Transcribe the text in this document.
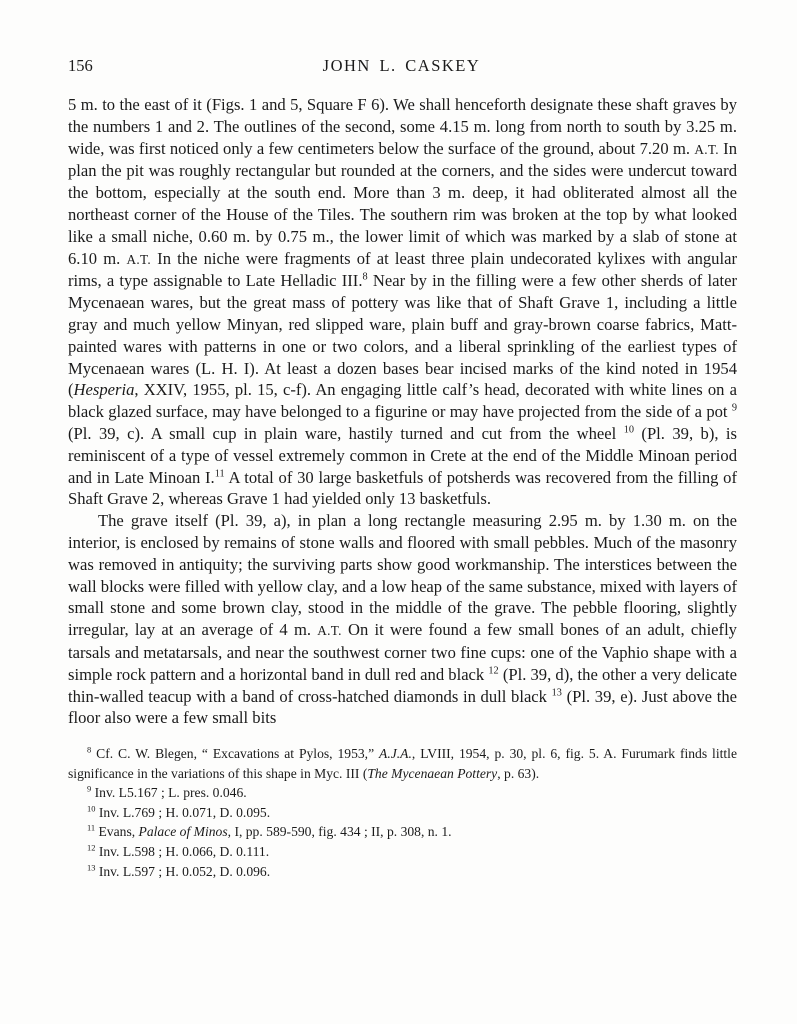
156	JOHN L. CASKEY

5 m. to the east of it (Figs. 1 and 5, Square F 6). We shall henceforth designate these shaft graves by the numbers 1 and 2. The outlines of the second, some 4.15 m. long from north to south by 3.25 m. wide, was first noticed only a few centimeters below the surface of the ground, about 7.20 m. A.T. In plan the pit was roughly rectangular but rounded at the corners, and the sides were undercut toward the bottom, especially at the south end. More than 3 m. deep, it had obliterated almost all the northeast corner of the House of the Tiles. The southern rim was broken at the top by what looked like a small niche, 0.60 m. by 0.75 m., the lower limit of which was marked by a slab of stone at 6.10 m. A.T. In the niche were fragments of at least three plain undecorated kylixes with angular rims, a type assignable to Late Helladic III.$^8$ Near by in the filling were a few other sherds of later Mycenaean wares, but the great mass of pottery was like that of Shaft Grave 1, including a little gray and much yellow Minyan, red slipped ware, plain buff and gray-brown coarse fabrics, Matt-painted wares with patterns in one or two colors, and a liberal sprinkling of the earliest types of Mycenaean wares (L. H. I). At least a dozen bases bear incised marks of the kind noted in 1954 (Hesperia, XXIV, 1955, pl. 15, c-f). An engaging little calf’s head, decorated with white lines on a black glazed surface, may have belonged to a figurine or may have projected from the side of a pot $^9$ (Pl. 39, c). A small cup in plain ware, hastily turned and cut from the wheel $^{10}$ (Pl. 39, b), is reminiscent of a type of vessel extremely common in Crete at the end of the Middle Minoan period and in Late Minoan I.$^{11}$ A total of 30 large basketfuls of potsherds was recovered from the filling of Shaft Grave 2, whereas Grave 1 had yielded only 13 basketfuls.

The grave itself (Pl. 39, a), in plan a long rectangle measuring 2.95 m. by 1.30 m. on the interior, is enclosed by remains of stone walls and floored with small pebbles. Much of the masonry was removed in antiquity; the surviving parts show good workmanship. The interstices between the wall blocks were filled with yellow clay, and a low heap of the same substance, mixed with layers of small stone and some brown clay, stood in the middle of the grave. The pebble flooring, slightly irregular, lay at an average of 4 m. A.T. On it were found a few small bones of an adult, chiefly tarsals and metatarsals, and near the southwest corner two fine cups: one of the Vaphio shape with a simple rock pattern and a horizontal band in dull red and black $^{12}$ (Pl. 39, d), the other a very delicate thin-walled teacup with a band of cross-hatched diamonds in dull black $^{13}$ (Pl. 39, e). Just above the floor also were a few small bits

$^8$ Cf. C. W. Blegen, “ Excavations at Pylos, 1953,” A.J.A., LVIII, 1954, p. 30, pl. 6, fig. 5. A. Furumark finds little significance in the variations of this shape in Myc. III (The Mycenaean Pottery, p. 63).

$^9$ Inv. L5.167 ; L. pres. 0.046.

$^{10}$ Inv. L.769 ; H. 0.071, D. 0.095.

$^{11}$ Evans, Palace of Minos, I, pp. 589-590, fig. 434 ; II, p. 308, n. 1.

$^{12}$ Inv. L.598 ; H. 0.066, D. 0.111.

$^{13}$ Inv. L.597 ; H. 0.052, D. 0.096.
